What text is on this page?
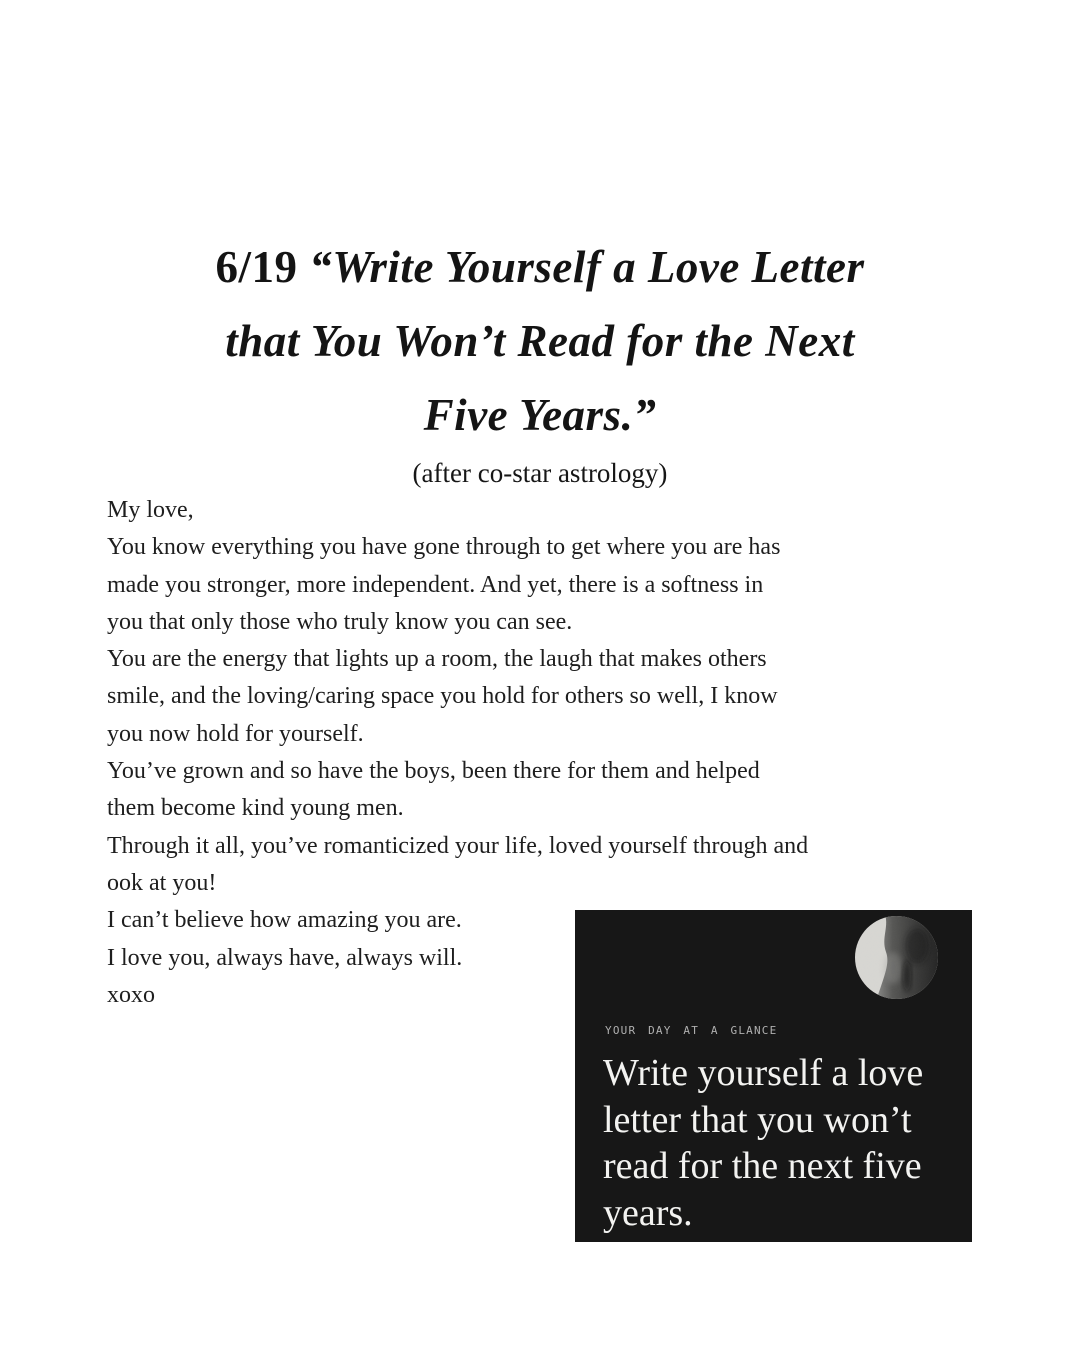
6/19 “Write Yourself a Love Letter
that You Won’t Read for the Next
Five Years.”
(after co-star astrology)
My love,
You know everything you have gone through to get where you are has
made you stronger, more independent. And yet, there is a softness in
you that only those who truly know you can see.
You are the energy that lights up a room, the laugh that makes others
smile, and the loving/caring space you hold for others so well, I know
you now hold for yourself.
You’ve grown and so have the boys, been there for them and helped
them become kind young men.
Through it all, you’ve romanticized your life, loved yourself through and
ook at you!
I can’t believe how amazing you are.
I love you, always have, always will.
xoxo
YOUR DAY AT A GLANCE
Write yourself a love
letter that you won’t
read for the next five
years.
